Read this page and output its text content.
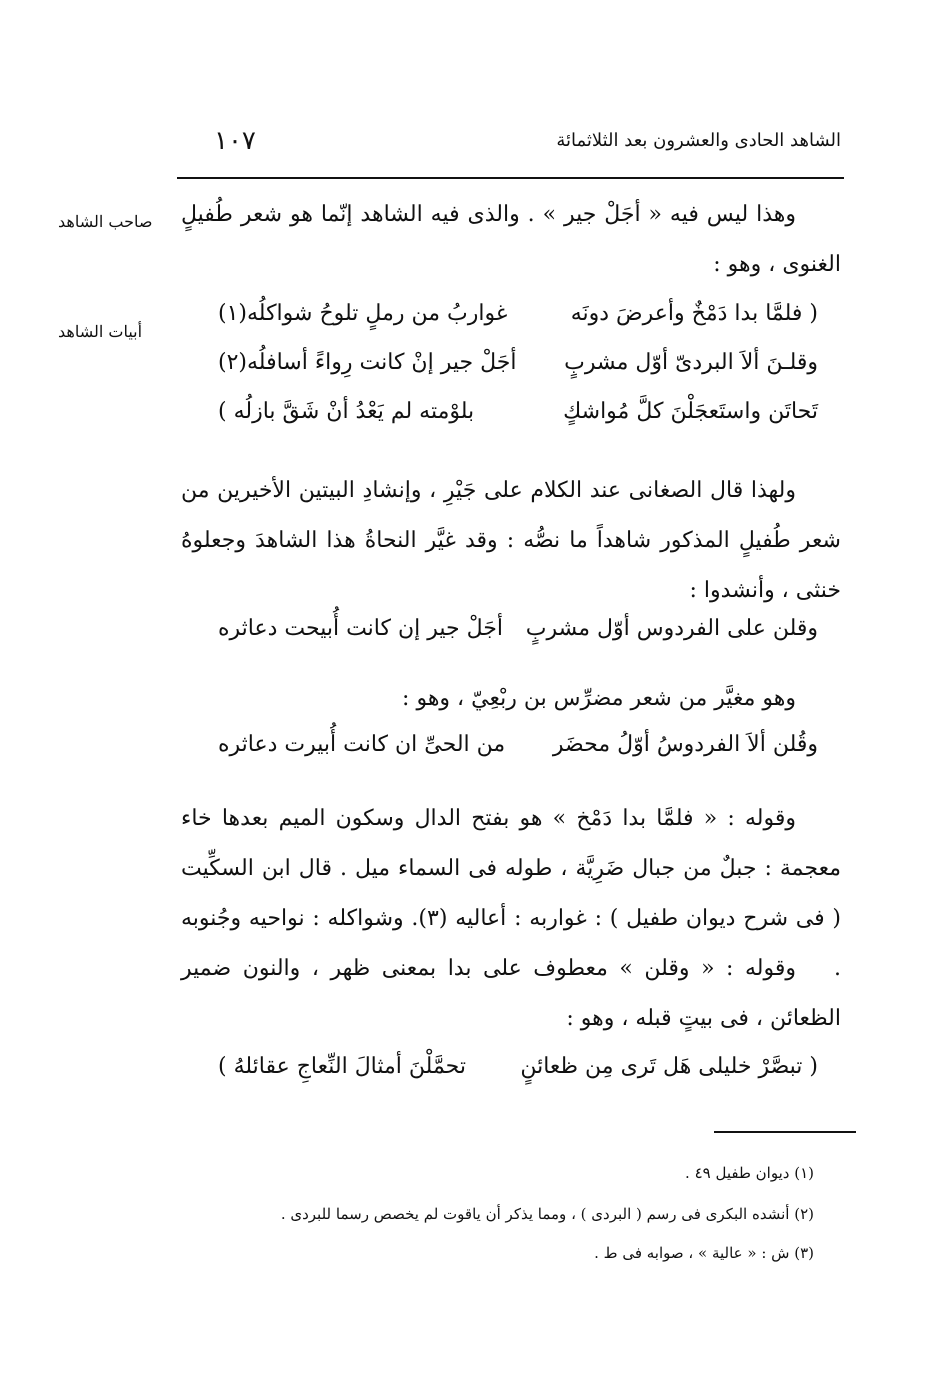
الشاهد الحادى والعشرون بعد الثلاثمائة
١٠٧
صاحب الشاهد
أبيات الشاهد

وهذا ليس فيه « أجَلْ جير » . والذى فيه الشاهد إنّما هو شعر طُفيلٍ الغنوى ، وهو :

( فلمَّا بدا دَمْخٌ وأعرضَ دونَه
غواربُ من رملٍ تلوحُ شواكلُه(١)
وقلـنَ ألاَ البردىّ أوّل مشربٍ
أجَلْ جير إنْ كانت رِواءً أسافلُه(٢)
تَحاتَن واستَعجَلْنَ كلَّ مُواشكٍ
بلوْمته لم يَعْدُ أنْ شَقَّ بازلُه )

ولهذا قال الصغانى عند الكلام على جَيْرِ ، وإنشادِ البيتين الأخيرين من شعر طُفيلٍ المذكور شاهداً ما نصُّه : وقد غيَّر النحاةُ هذا الشاهدَ وجعلوهُ خنثى ، وأنشدوا :

وقلن على الفردوس أوّل مشربٍ
أجَلْ جير إن كانت أُبيحت دعاثره

وهو مغيَّر من شعر مضرِّس بن ربْعِيّ ، وهو :

وقُلن ألاَ الفردوسُ أوّلُ محضَر
من الحىِّ ان كانت أُبيرت دعاثره

وقوله : « فلمَّا بدا دَمْخ » هو بفتح الدال وسكون الميم بعدها خاء معجمة : جبلٌ من جبال ضَرِيَّة ، طوله فى السماء ميل . قال ابن السكِّيت ( فى شرح ديوان طفيل ) : غواربه : أعاليه (٣). وشواكله : نواحيه وجُنوبه .

وقوله : « وقلن » معطوف على بدا بمعنى ظهر ، والنون ضمير الظعائن ، فى بيتٍ قبله ، وهو :

( تبصَّرْ خليلى هَل تَرى مِن ظعائنٍ
تحمَّلْنَ أمثالَ النِّعاجِ عقائلهُ )
(١) ديوان طفيل ٤٩ .
(٢) أنشده البكرى فى رسم ( البردى ) ، ومما يذكر أن ياقوت لم يخصص رسما للبردى .
(٣) ش : « عالية » ، صوابه فى ط .
